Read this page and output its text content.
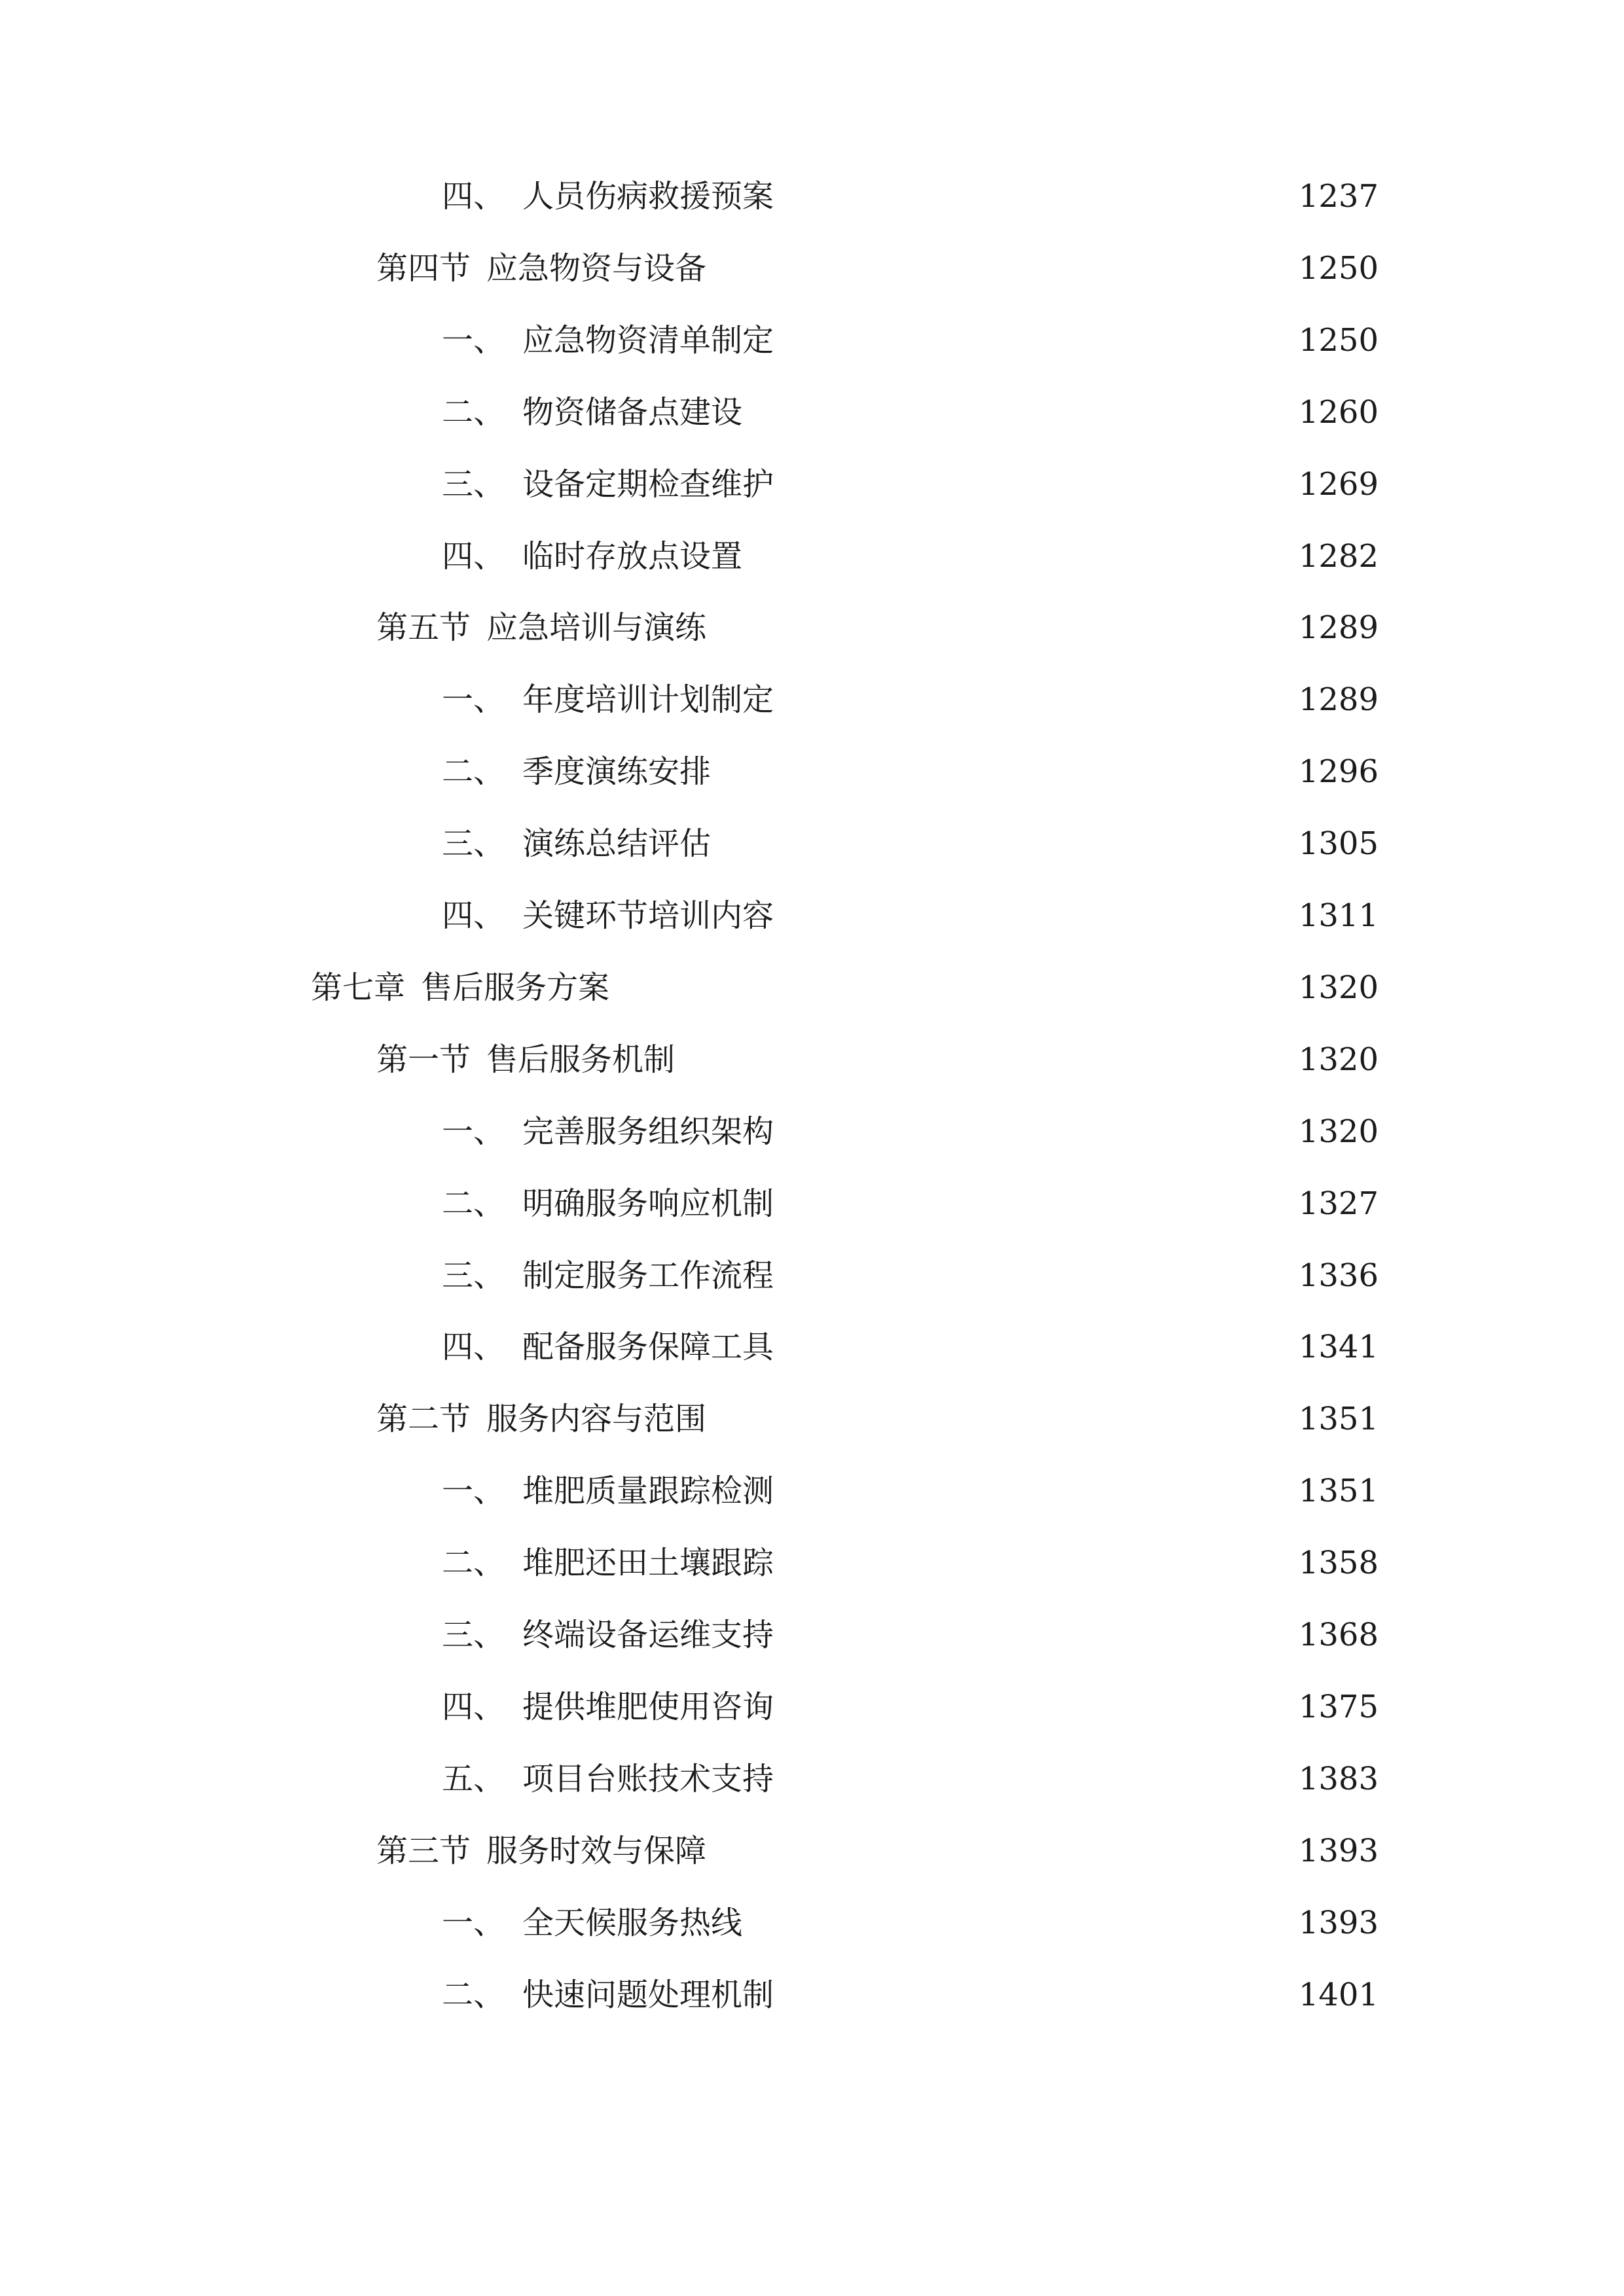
四、 人员伤病救援预案	1237
第四节 应急物资与设备	1250
一、 应急物资清单制定	1250
二、 物资储备点建设	1260
三、 设备定期检查维护	1269
四、 临时存放点设置	1282
第五节 应急培训与演练	1289
一、 年度培训计划制定	1289
二、 季度演练安排	1296
三、 演练总结评估	1305
四、 关键环节培训内容	1311
第七章 售后服务方案	1320
第一节 售后服务机制	1320
一、 完善服务组织架构	1320
二、 明确服务响应机制	1327
三、 制定服务工作流程	1336
四、 配备服务保障工具	1341
第二节 服务内容与范围	1351
一、 堆肥质量跟踪检测	1351
二、 堆肥还田土壤跟踪	1358
三、 终端设备运维支持	1368
四、 提供堆肥使用咨询	1375
五、 项目台账技术支持	1383
第三节 服务时效与保障	1393
一、 全天候服务热线	1393
二、 快速问题处理机制	1401
